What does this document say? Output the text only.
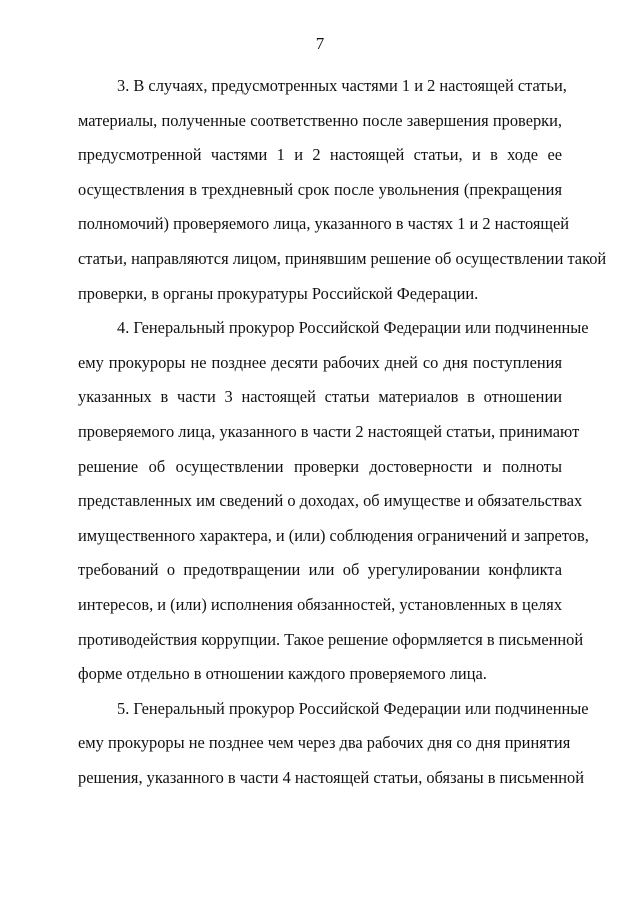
7
3. В случаях, предусмотренных частями 1 и 2 настоящей статьи,
материалы, полученные соответственно после завершения проверки,
предусмотренной частями 1 и 2 настоящей статьи, и в ходе ее
осуществления в трехдневный срок после увольнения (прекращения
полномочий) проверяемого лица, указанного в частях 1 и 2 настоящей
статьи, направляются лицом, принявшим решение об осуществлении такой
проверки, в органы прокуратуры Российской Федерации.
4. Генеральный прокурор Российской Федерации или подчиненные
ему прокуроры не позднее десяти рабочих дней со дня поступления
указанных в части 3 настоящей статьи материалов в отношении
проверяемого лица, указанного в части 2 настоящей статьи, принимают
решение об осуществлении проверки достоверности и полноты
представленных им сведений о доходах, об имуществе и обязательствах
имущественного характера, и (или) соблюдения ограничений и запретов,
требований о предотвращении или об урегулировании конфликта
интересов, и (или) исполнения обязанностей, установленных в целях
противодействия коррупции. Такое решение оформляется в письменной
форме отдельно в отношении каждого проверяемого лица.
5. Генеральный прокурор Российской Федерации или подчиненные
ему прокуроры не позднее чем через два рабочих дня со дня принятия
решения, указанного в части 4 настоящей статьи, обязаны в письменной
